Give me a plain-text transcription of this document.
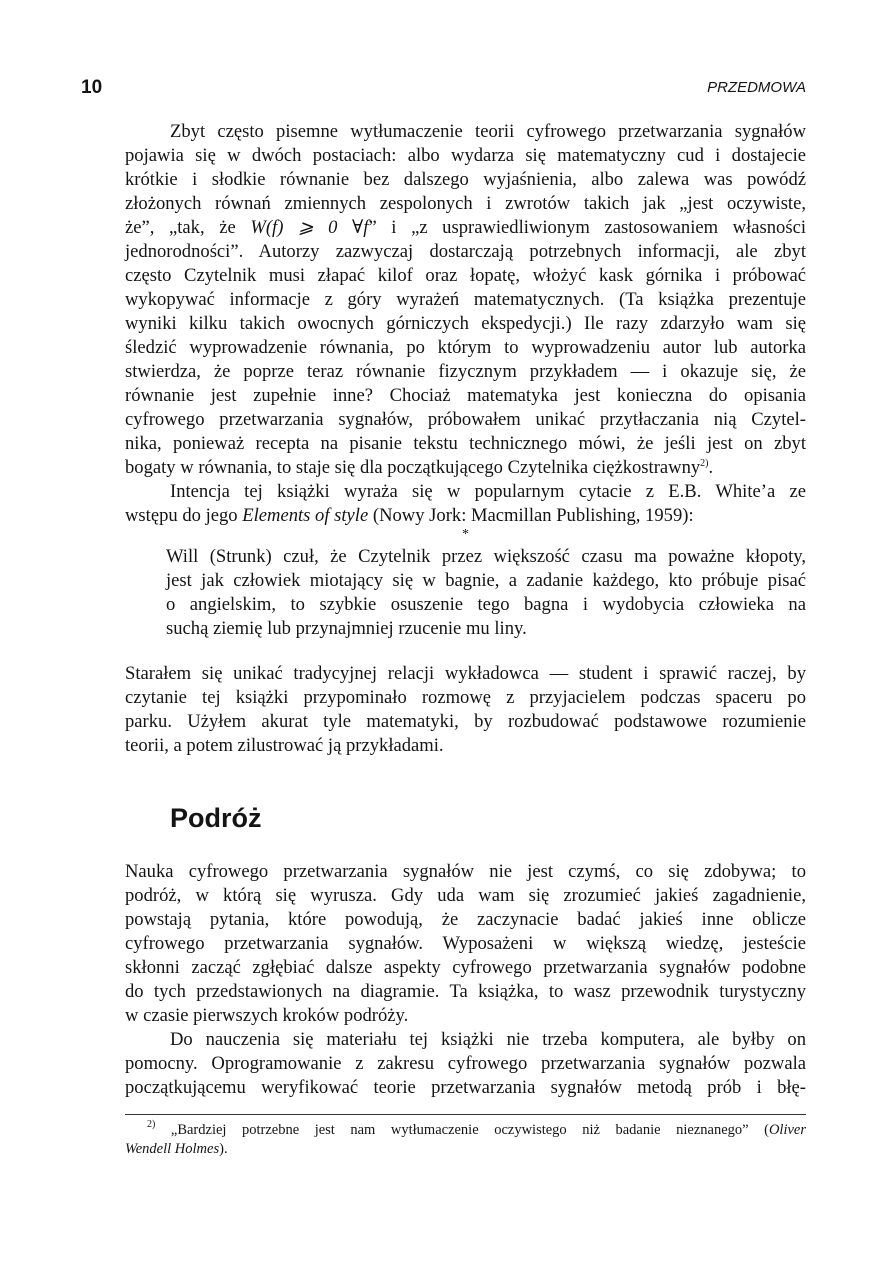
10	PRZEDMOWA
Zbyt często pisemne wytłumaczenie teorii cyfrowego przetwarzania sygnałów
pojawia się w dwóch postaciach: albo wydarza się matematyczny cud i dostajecie
krótkie i słodkie równanie bez dalszego wyjaśnienia, albo zalewa was powódź
złożonych równań zmiennych zespolonych i zwrotów takich jak „jest oczywiste,
że”, „tak, że W(f) ⩾ 0 ∀f” i „z usprawiedliwionym zastosowaniem własności
jednorodności”. Autorzy zazwyczaj dostarczają potrzebnych informacji, ale zbyt
często Czytelnik musi złapać kilof oraz łopatę, włożyć kask górnika i próbować
wykopywać informacje z góry wyrażeń matematycznych. (Ta książka prezentuje
wyniki kilku takich owocnych górniczych ekspedycji.) Ile razy zdarzyło wam się
śledzić wyprowadzenie równania, po którym to wyprowadzeniu autor lub autorka
stwierdza, że poprze teraz równanie fizycznym przykładem — i okazuje się, że
równanie jest zupełnie inne? Chociaż matematyka jest konieczna do opisania
cyfrowego przetwarzania sygnałów, próbowałem unikać przytłaczania nią Czytel-
nika, ponieważ recepta na pisanie tekstu technicznego mówi, że jeśli jest on zbyt
bogaty w równania, to staje się dla początkującego Czytelnika ciężkostrawny$^{2)}$.
Intencja tej książki wyraża się w popularnym cytacie z E.B. White’a ze
wstępu do jego Elements of style (Nowy Jork: Macmillan Publishing, 1959):
*
Will (Strunk) czuł, że Czytelnik przez większość czasu ma poważne kłopoty,
jest jak człowiek miotający się w bagnie, a zadanie każdego, kto próbuje pisać
o angielskim, to szybkie osuszenie tego bagna i wydobycia człowieka na
suchą ziemię lub przynajmniej rzucenie mu liny.
Starałem się unikać tradycyjnej relacji wykładowca — student i sprawić raczej, by
czytanie tej książki przypominało rozmowę z przyjacielem podczas spaceru po
parku. Użyłem akurat tyle matematyki, by rozbudować podstawowe rozumienie
teorii, a potem zilustrować ją przykładami.
Podróż
Nauka cyfrowego przetwarzania sygnałów nie jest czymś, co się zdobywa; to
podróż, w którą się wyrusza. Gdy uda wam się zrozumieć jakieś zagadnienie,
powstają pytania, które powodują, że zaczynacie badać jakieś inne oblicze
cyfrowego przetwarzania sygnałów. Wyposażeni w większą wiedzę, jesteście
skłonni zacząć zgłębiać dalsze aspekty cyfrowego przetwarzania sygnałów podobne
do tych przedstawionych na diagramie. Ta książka, to wasz przewodnik turystyczny
w czasie pierwszych kroków podróży.
Do nauczenia się materiału tej książki nie trzeba komputera, ale byłby on
pomocny. Oprogramowanie z zakresu cyfrowego przetwarzania sygnałów pozwala
początkującemu weryfikować teorie przetwarzania sygnałów metodą prób i błę-
$^{2)}$ „Bardziej potrzebne jest nam wytłumaczenie oczywistego niż badanie nieznanego” (Oliver
Wendell Holmes).
